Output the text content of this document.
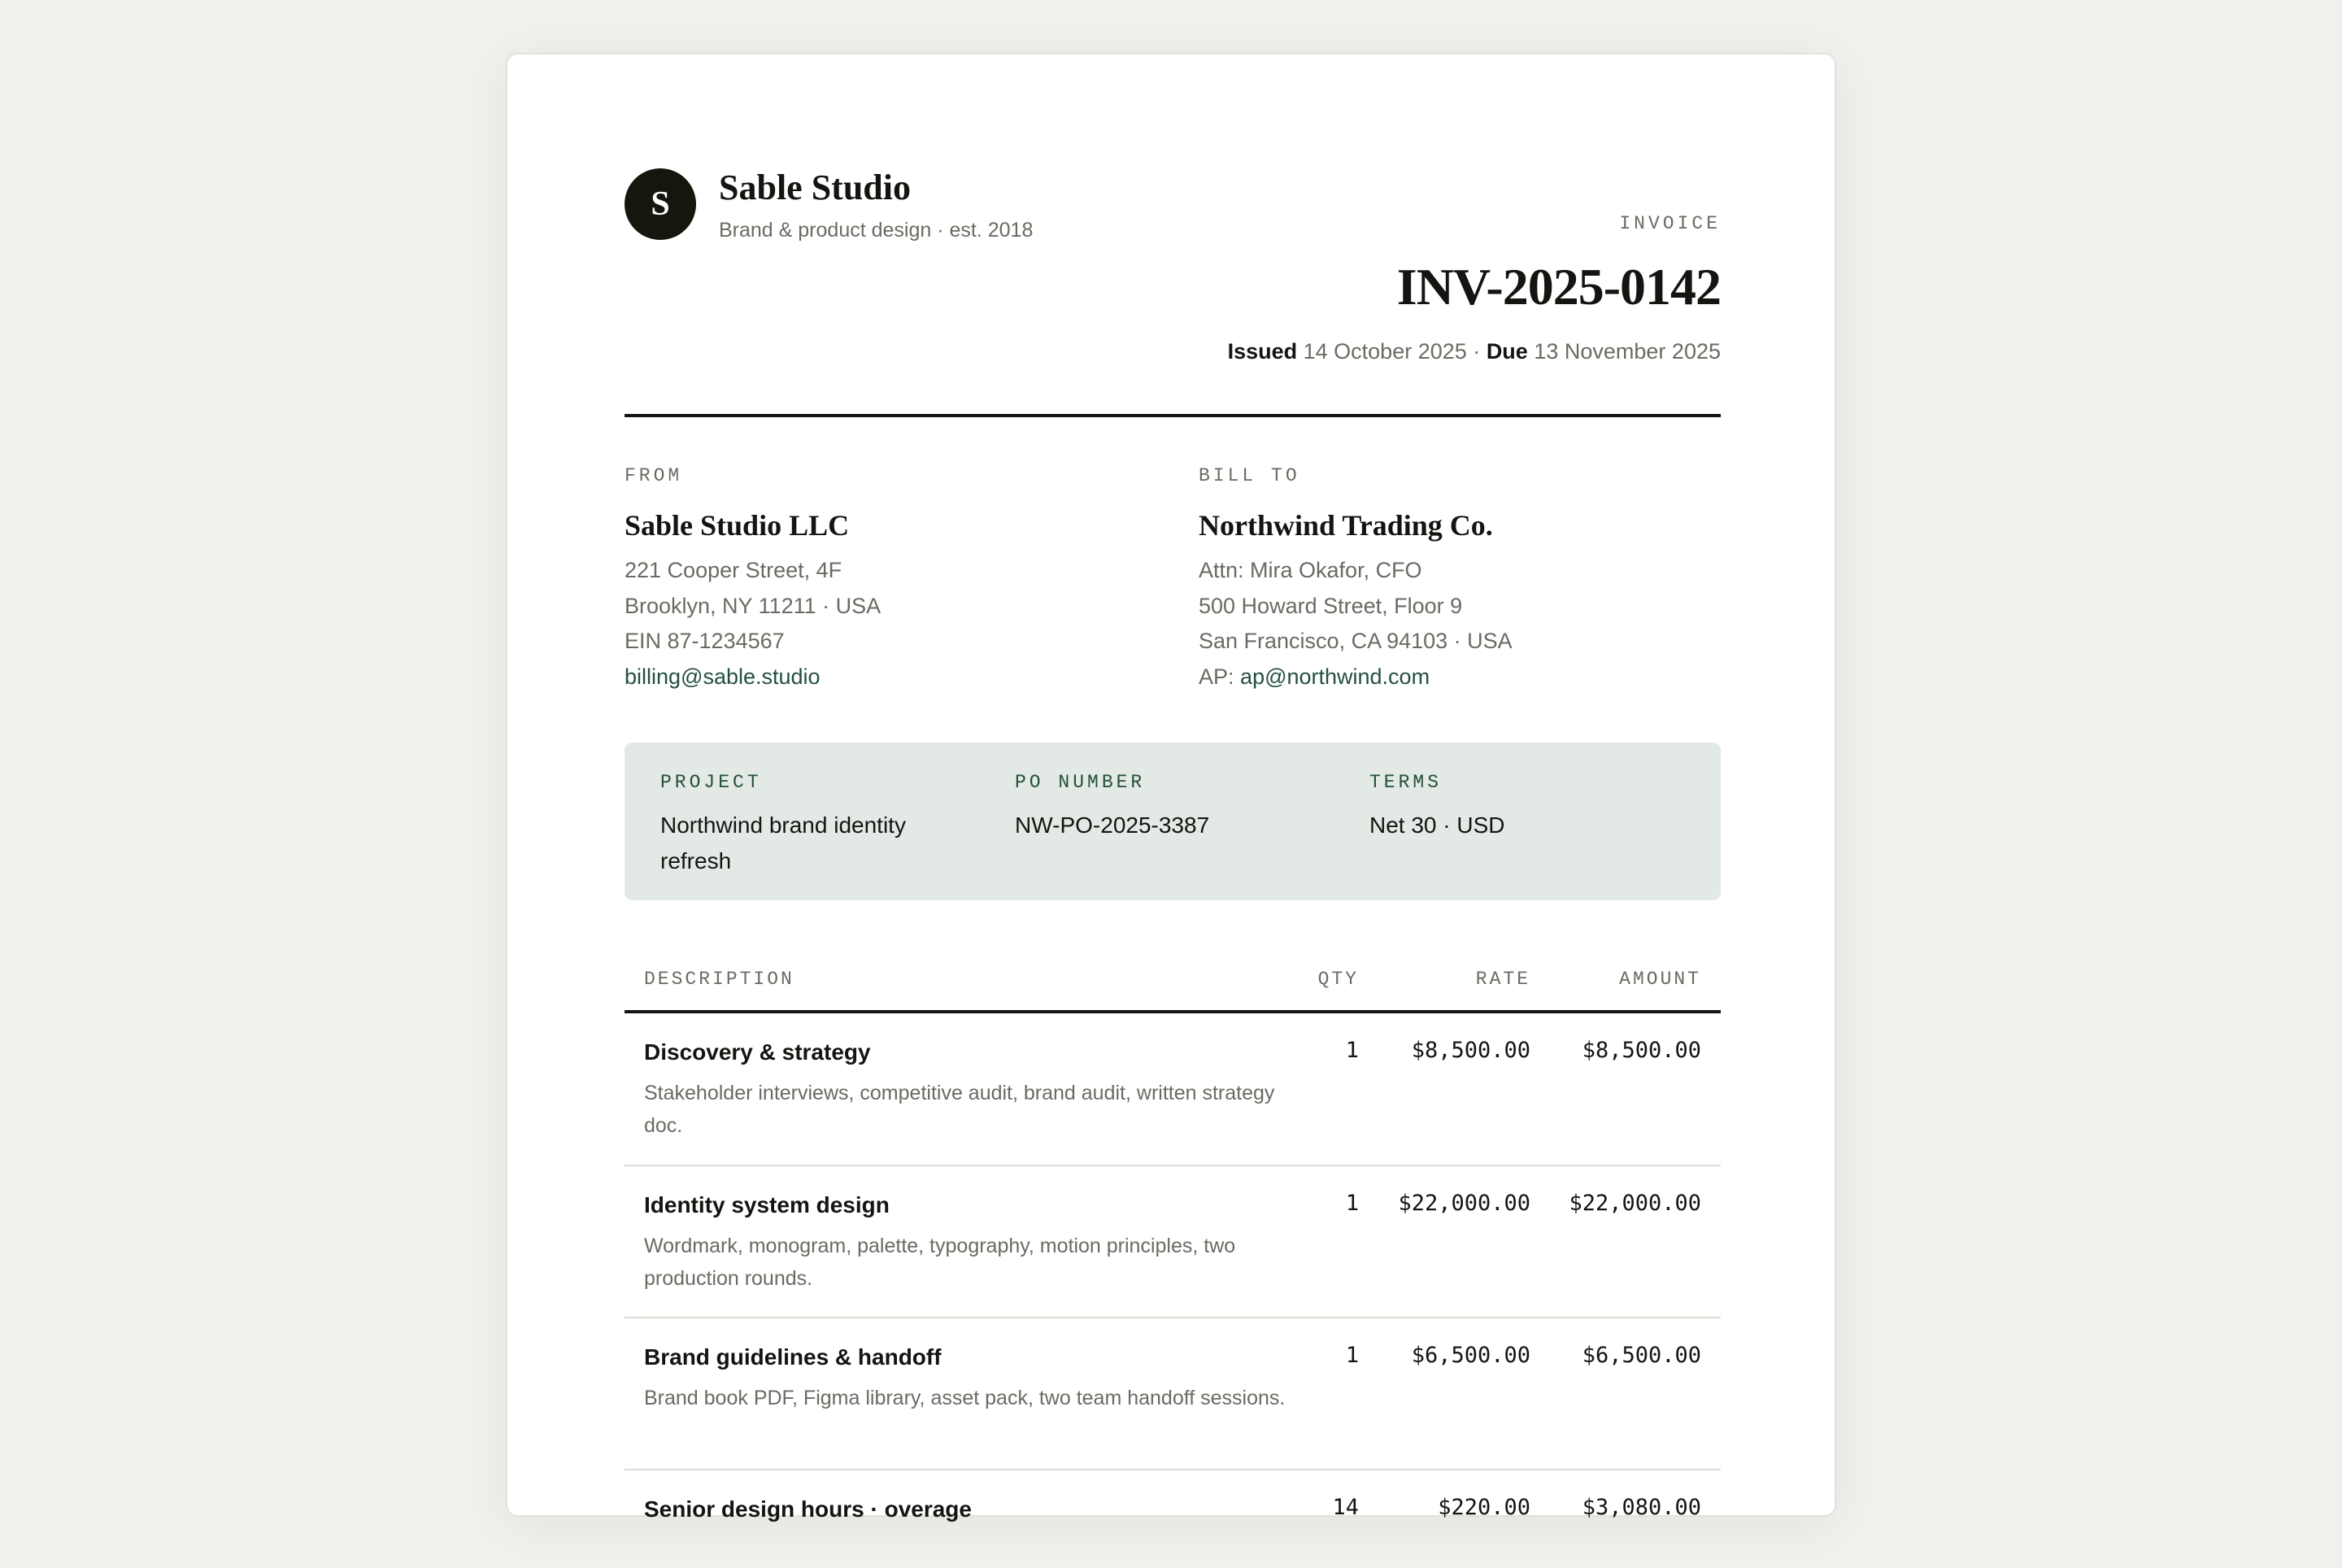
S	Sable Studio
Brand & product design · est. 2018	INVOICE
INV-2025-0142
Issued 14 October 2025 · Due 13 November 2025
FROM
Sable Studio LLC
221 Cooper Street, 4F
Brooklyn, NY 11211 · USA
EIN 87-1234567
billing@sable.studio
BILL TO
Northwind Trading Co.
Attn: Mira Okafor, CFO
500 Howard Street, Floor 9
San Francisco, CA 94103 · USA
AP: ap@northwind.com
PROJECT
Northwind brand identity refresh
PO NUMBER
NW-PO-2025-3387
TERMS
Net 30 · USD
DESCRIPTION	QTY	RATE	AMOUNT
Discovery & strategy
Stakeholder interviews, competitive audit, brand audit, written strategy doc.
1 $8,500.00 $8,500.00
Identity system design
Wordmark, monogram, palette, typography, motion principles, two production rounds.
1 $22,000.00 $22,000.00
Brand guidelines & handoff
Brand book PDF, Figma library, asset pack, two team handoff sessions.
1 $6,500.00 $6,500.00
Senior design hours · overage	14	$220.00 $3,080.00
